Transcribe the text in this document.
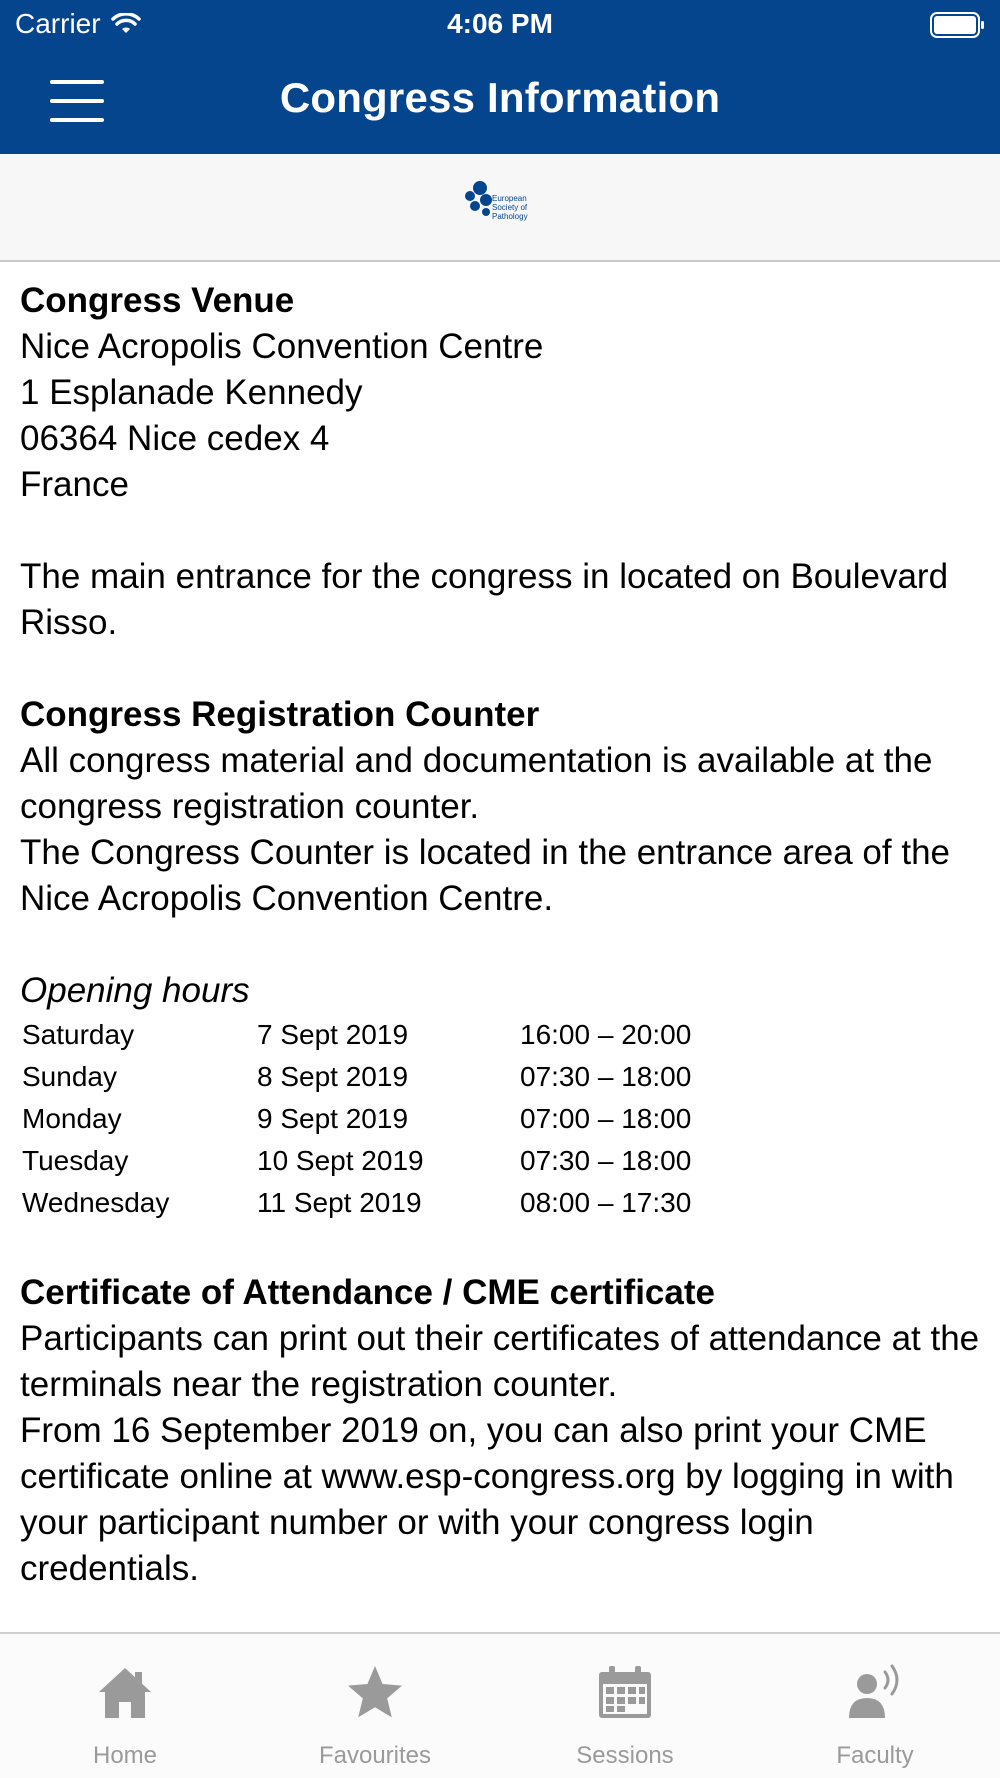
Carrier	4:06 PM
Congress Information
European
Society of
Pathology

Congress Venue

Nice Acropolis Convention Centre

1 Esplanade Kennedy

06364 Nice cedex 4

France

The main entrance for the congress in located on Boulevard Risso.

Congress Registration Counter

All congress material and documentation is available at the congress registration counter.

The Congress Counter is located in the entrance area of the Nice Acropolis Convention Centre.

Opening hours

Saturday	7 Sept 2019	16:00 – 20:00
Sunday	8 Sept 2019	07:30 – 18:00
Monday	9 Sept 2019	07:00 – 18:00
Tuesday	10 Sept 2019	07:30 – 18:00
Wednesday	11 Sept 2019	08:00 – 17:30

Certificate of Attendance / CME certificate

Participants can print out their certificates of attendance at the terminals near the registration counter.

From 16 September 2019 on, you can also print your CME certificate online at www.esp-congress.org by logging in with your participant number or with your congress login credentials.

Home	Favourites	Sessions	Faculty
